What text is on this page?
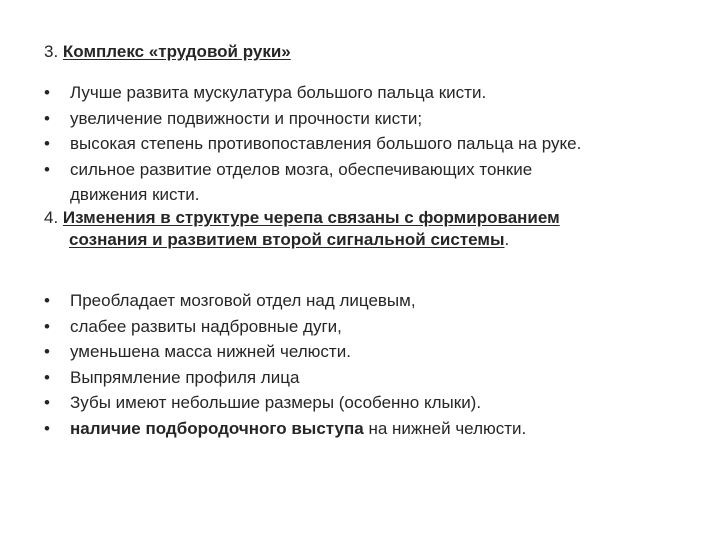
3. Комплекс «трудовой руки»
•	Лучше развита мускулатура большого пальца кисти.
•	увеличение подвижности и прочности кисти;
•	высокая степень противопоставления большого пальца на руке.
•	сильное развитие отделов мозга, обеспечивающих тонкие
движения кисти.
4. Изменения в структуре черепа связаны с формированием
сознания и развитием второй сигнальной системы.
•	Преобладает мозговой отдел над лицевым,
•	слабее развиты надбровные дуги,
•	уменьшена масса нижней челюсти.
•	Выпрямление профиля лица
•	Зубы имеют небольшие размеры (особенно клыки).
•	наличие подбородочного выступа на нижней челюсти.
